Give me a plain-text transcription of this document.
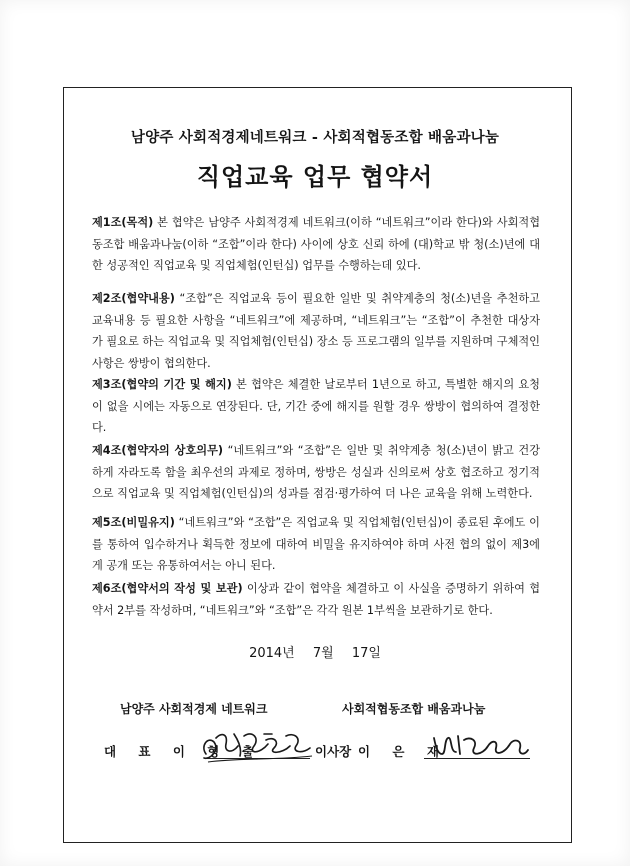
남양주 사회적경제네트워크 - 사회적협동조합 배움과나눔
직업교육 업무 협약서
제1조(목적) 본 협약은 남양주 사회적경제 네트워크(이하 “네트워크”이라 한다)와 사회적협동조합 배움과나눔(이하 “조합”이라 한다) 사이에 상호 신뢰 하에 (대)학교 밖 청(소)년에 대한 성공적인 직업교육 및 직업체험(인턴십) 업무를 수행하는데 있다.
제2조(협약내용) “조합”은 직업교육 등이 필요한 일반 및 취약계층의 청(소)년을 추천하고 교육내용 등 필요한 사항을 “네트워크”에 제공하며, “네트워크”는 “조합”이 추천한 대상자가 필요로 하는 직업교육 및 직업체험(인턴십) 장소 등 프로그램의 일부를 지원하며 구체적인 사항은 쌍방이 협의한다.
제3조(협약의 기간 및 해지) 본 협약은 체결한 날로부터 1년으로 하고, 특별한 해지의 요청이 없을 시에는 자동으로 연장된다. 단, 기간 중에 해지를 원할 경우 쌍방이 협의하여 결정한다.
제4조(협약자의 상호의무) “네트워크”와 “조합”은 일반 및 취약계층 청(소)년이 밝고 건강하게 자라도록 함을 최우선의 과제로 정하며, 쌍방은 성실과 신의로써 상호 협조하고 정기적으로 직업교육 및 직업체험(인턴십)의 성과를 점검·평가하여 더 나은 교육을 위해 노력한다.
제5조(비밀유지) “네트워크”와 “조합”은 직업교육 및 직업체험(인턴십)이 종료된 후에도 이를 통하여 입수하거나 획득한 정보에 대하여 비밀을 유지하여야 하며 사전 협의 없이 제3에게 공개 또는 유통하여서는 아니 된다.
제6조(협약서의 작성 및 보관) 이상과 같이 협약을 체결하고 이 사실을 증명하기 위하여 협약서 2부를 작성하며, “네트워크”와 “조합”은 각각 원본 1부씩을 보관하기로 한다.
2014년 7월 17일
남양주 사회적경제 네트워크	사회적협동조합 배움과나눔
대 표 이 형 출	이사장 이 은 재
